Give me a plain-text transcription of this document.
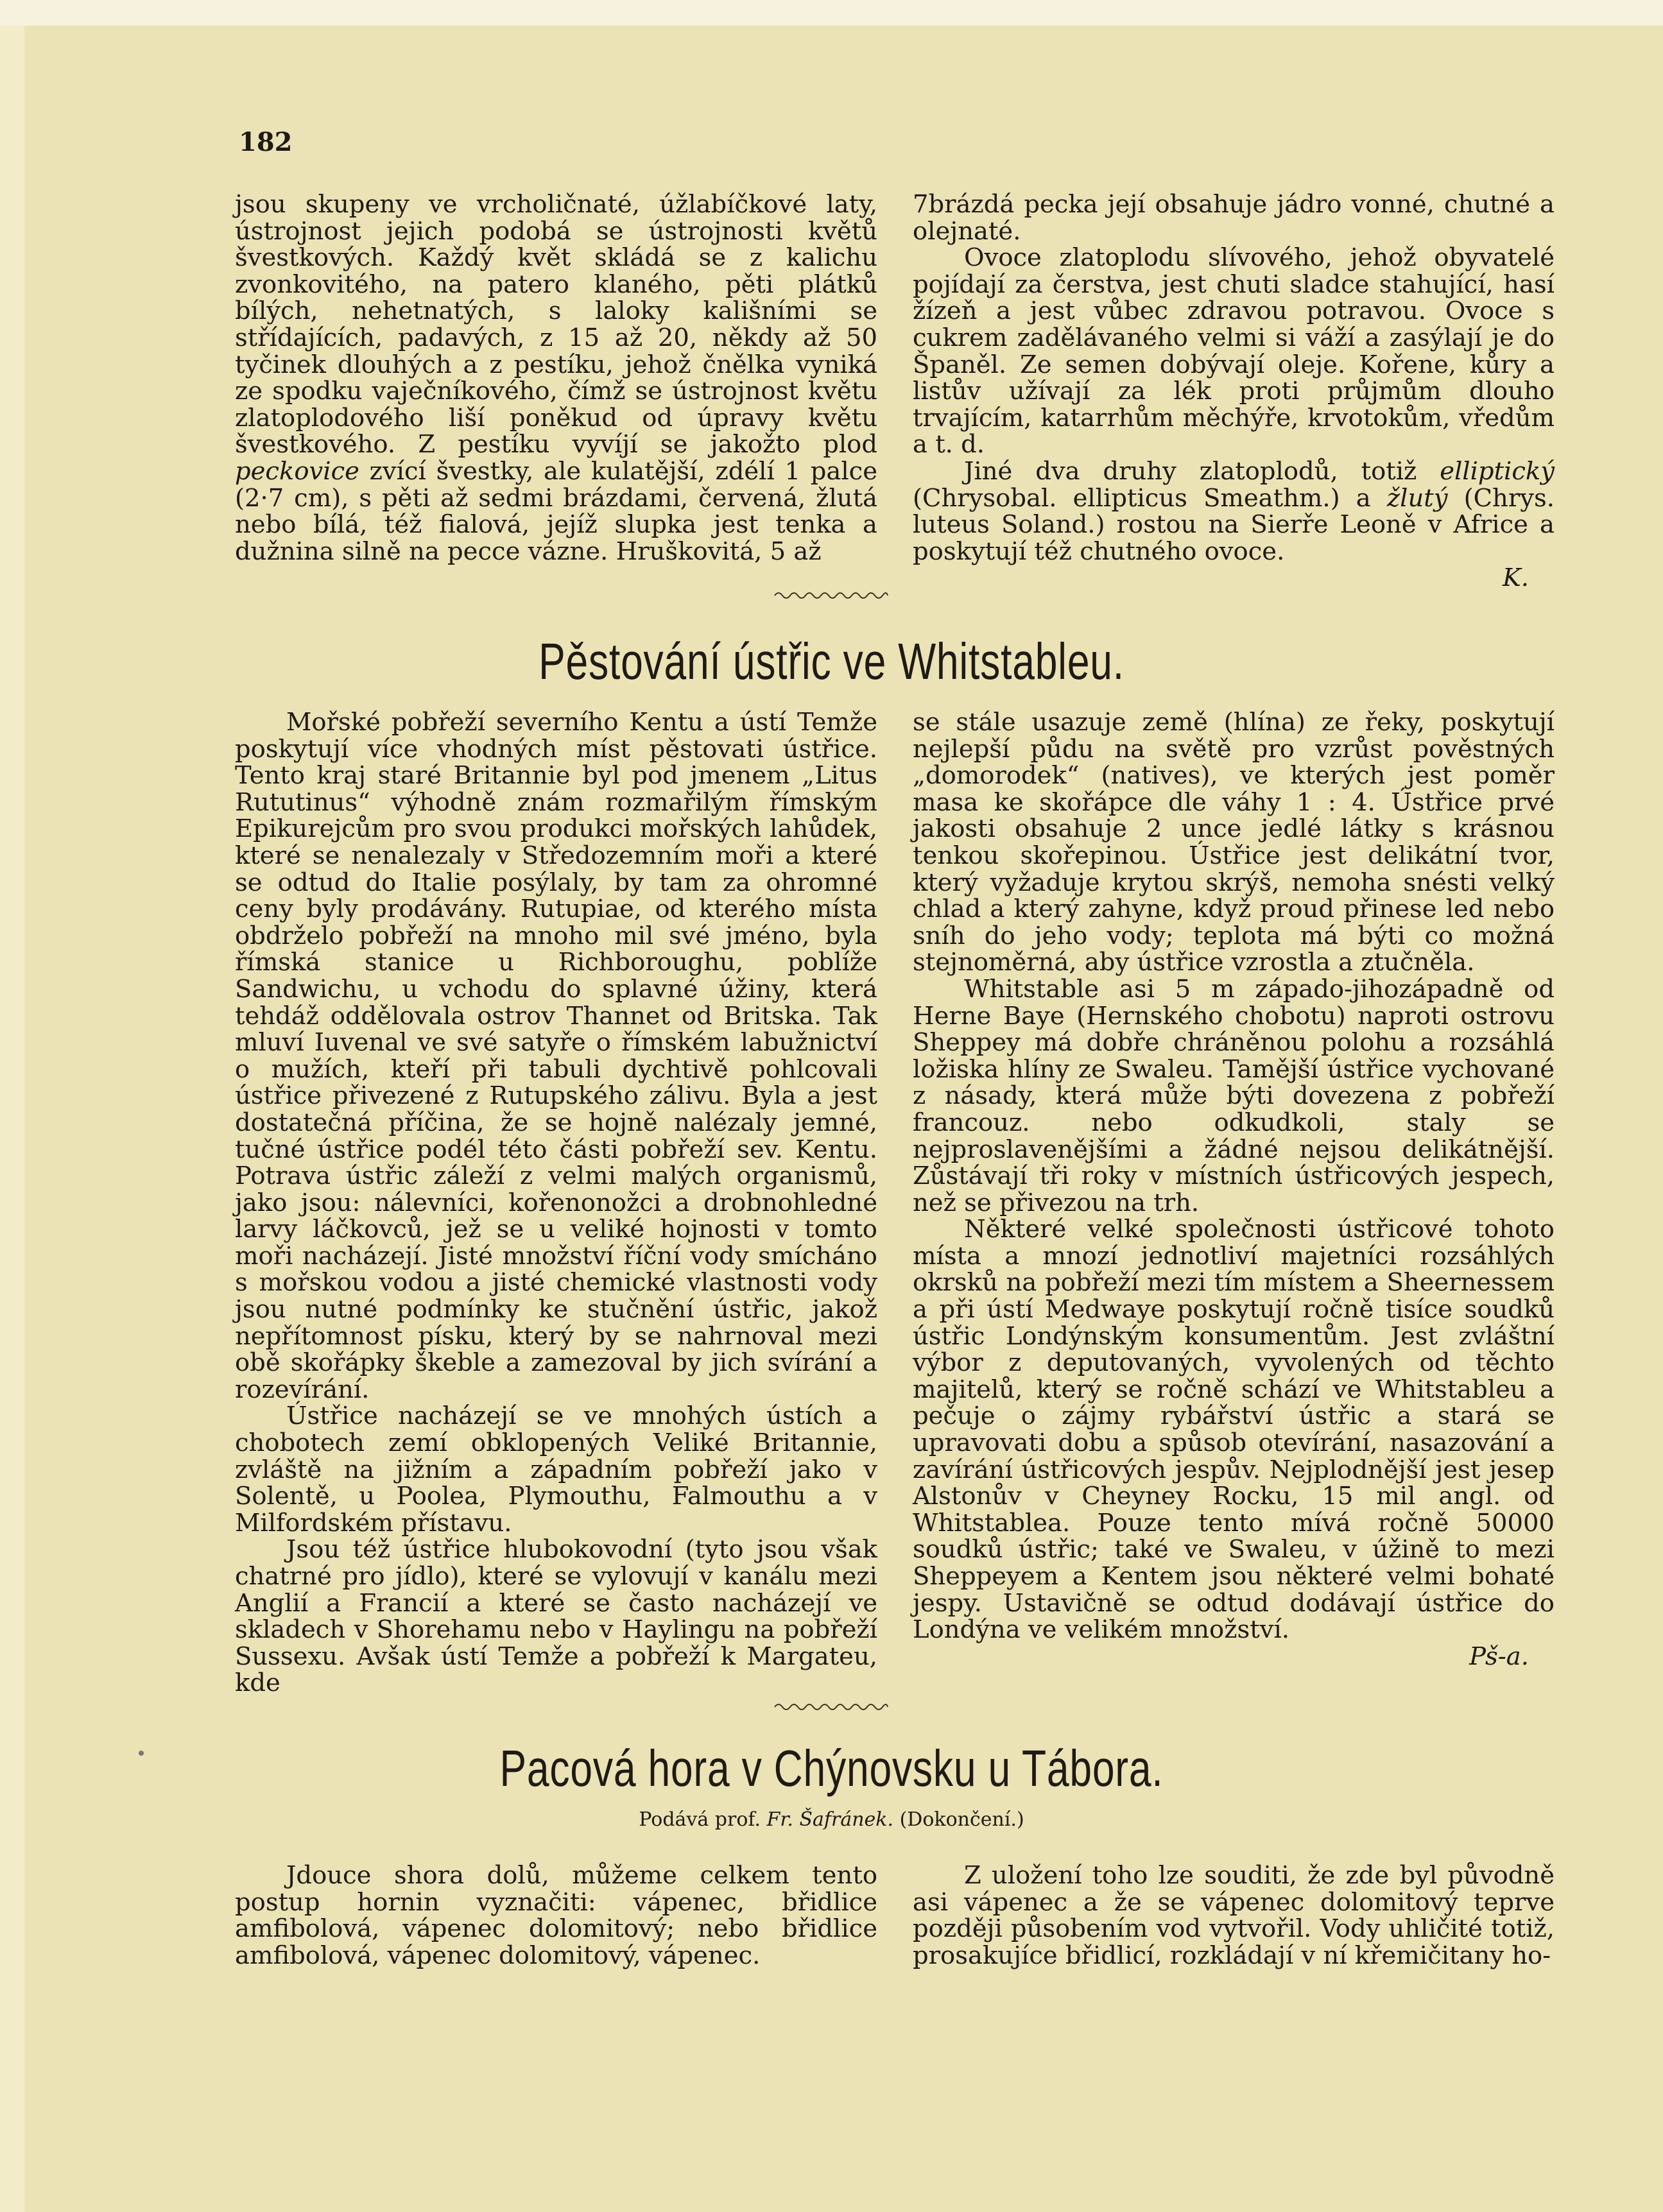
182

jsou skupeny ve vrcholičnaté, úžlabíčkové laty, ústrojnost jejich podobá se ústrojnosti květů švestkových. Každý květ skládá se z kalichu zvonkovitého, na patero klaného, pěti plátků bílých, nehetnatých, s laloky kališními se střídajících, padavých, z 15 až 20, někdy až 50 tyčinek dlouhých a z pestíku, jehož čnělka vyniká ze spodku vaječníkového, čímž se ústrojnost květu zlatoplodového liší poněkud od úpravy květu švestkového. Z pestíku vyvíjí se jakožto plod peckovice zvící švestky, ale kulatější, zdélí 1 palce (2·7 cm), s pěti až sedmi brázdami, červená, žlutá nebo bílá, též fialová, jejíž slupka jest tenka a dužnina silně na pecce vázne. Hruškovitá, 5 až

7brázdá pecka její obsahuje jádro vonné, chutné a olejnaté.

Ovoce zlatoplodu slívového, jehož obyvatelé pojídají za čerstva, jest chuti sladce stahující, hasí žízeň a jest vůbec zdravou potravou. Ovoce s cukrem zadělávaného velmi si váží a zasýlají je do Španěl. Ze semen dobývají oleje. Kořene, kůry a listův užívají za lék proti průjmům dlouho trvajícím, katarrhům měchýře, krvotokům, vředům a t. d.

Jiné dva druhy zlatoplodů, totiž elliptický (Chrysobal. ellipticus Smeathm.) a žlutý (Chrys. luteus Soland.) rostou na Sierře Leoně v Africe a poskytují též chutného ovoce.

K.

Pěstování ústřic ve Whitstableu.

Mořské pobřeží severního Kentu a ústí Temže poskytují více vhodných míst pěstovati ústřice. Tento kraj staré Britannie byl pod jmenem „Litus Rututinus“ výhodně znám rozmařilým římským Epikurejcům pro svou produkci mořských lahůdek, které se nenalezaly v Středozemním moři a které se odtud do Italie posýlaly, by tam za ohromné ceny byly prodávány. Rutupiae, od kterého místa obdrželo pobřeží na mnoho mil své jméno, byla římská stanice u Richboroughu, poblíže Sandwichu, u vchodu do splavné úžiny, která tehdáž oddělovala ostrov Thannet od Britska. Tak mluví Iuvenal ve své satyře o římském labužnictví o mužích, kteří při tabuli dychtivě pohlcovali ústřice přivezené z Rutupského zálivu. Byla a jest dostatečná příčina, že se hojně nalézaly jemné, tučné ústřice podél této části pobřeží sev. Kentu. Potrava ústřic záleží z velmi malých organismů, jako jsou: nálevníci, kořenonožci a drobnohledné larvy láčkovců, jež se u veliké hojnosti v tomto moři nacházejí. Jisté množství říční vody smícháno s mořskou vodou a jisté chemické vlastnosti vody jsou nutné podmínky ke stučnění ústřic, jakož nepřítomnost písku, který by se nahrnoval mezi obě skořápky škeble a zamezoval by jich svírání a rozevírání.

Ústřice nacházejí se ve mnohých ústích a chobotech zemí obklopených Veliké Britannie, zvláště na jižním a západním pobřeží jako v Solentě, u Poolea, Plymouthu, Falmouthu a v Milfordském přístavu.

Jsou též ústřice hlubokovodní (tyto jsou však chatrné pro jídlo), které se vylovují v kanálu mezi Anglií a Francií a které se často nacházejí ve skladech v Shorehamu nebo v Haylingu na pobřeží Sussexu. Avšak ústí Temže a pobřeží k Margateu, kde

se stále usazuje země (hlína) ze řeky, poskytují nejlepší půdu na světě pro vzrůst pověstných „domorodek“ (natives), ve kterých jest poměr masa ke skořápce dle váhy 1 : 4. Ústřice prvé jakosti obsahuje 2 unce jedlé látky s krásnou tenkou skořepinou. Ústřice jest delikátní tvor, který vyžaduje krytou skrýš, nemoha snésti velký chlad a který zahyne, když proud přinese led nebo sníh do jeho vody; teplota má býti co možná stejnoměrná, aby ústřice vzrostla a ztučněla.

Whitstable asi 5 m západo-jihozápadně od Herne Baye (Hernského chobotu) naproti ostrovu Sheppey má dobře chráněnou polohu a rozsáhlá ložiska hlíny ze Swaleu. Tamější ústřice vychované z násady, která může býti dovezena z pobřeží francouz. nebo odkudkoli, staly se nejproslavenějšími a žádné nejsou delikátnější. Zůstávají tři roky v místních ústřicových jespech, než se přivezou na trh.

Některé velké společnosti ústřicové tohoto místa a mnozí jednotliví majetníci rozsáhlých okrsků na pobřeží mezi tím místem a Sheernessem a při ústí Medwaye poskytují ročně tisíce soudků ústřic Londýnským konsumentům. Jest zvláštní výbor z deputovaných, vyvolených od těchto majitelů, který se ročně schází ve Whitstableu a pečuje o zájmy rybářství ústřic a stará se upravovati dobu a spůsob otevírání, nasazování a zavírání ústřicových jespův. Nejplodnější jest jesep Alstonův v Cheyney Rocku, 15 mil angl. od Whitstablea. Pouze tento mívá ročně 50000 soudků ústřic; také ve Swaleu, v úžině to mezi Sheppeyem a Kentem jsou některé velmi bohaté jespy. Ustavičně se odtud dodávají ústřice do Londýna ve velikém množství.

Pš-a.

Pacová hora v Chýnovsku u Tábora.
Podává prof. Fr. Šafránek. (Dokončení.)

Jdouce shora dolů, můžeme celkem tento postup hornin vyznačiti: vápenec, břidlice amfibolová, vápenec dolomitový; nebo břidlice amfibolová, vápenec dolomitový, vápenec.

Z uložení toho lze souditi, že zde byl původně asi vápenec a že se vápenec dolomitový teprve později působením vod vytvořil. Vody uhličité totiž, prosakujíce břidlicí, rozkládají v ní křemičitany ho-
